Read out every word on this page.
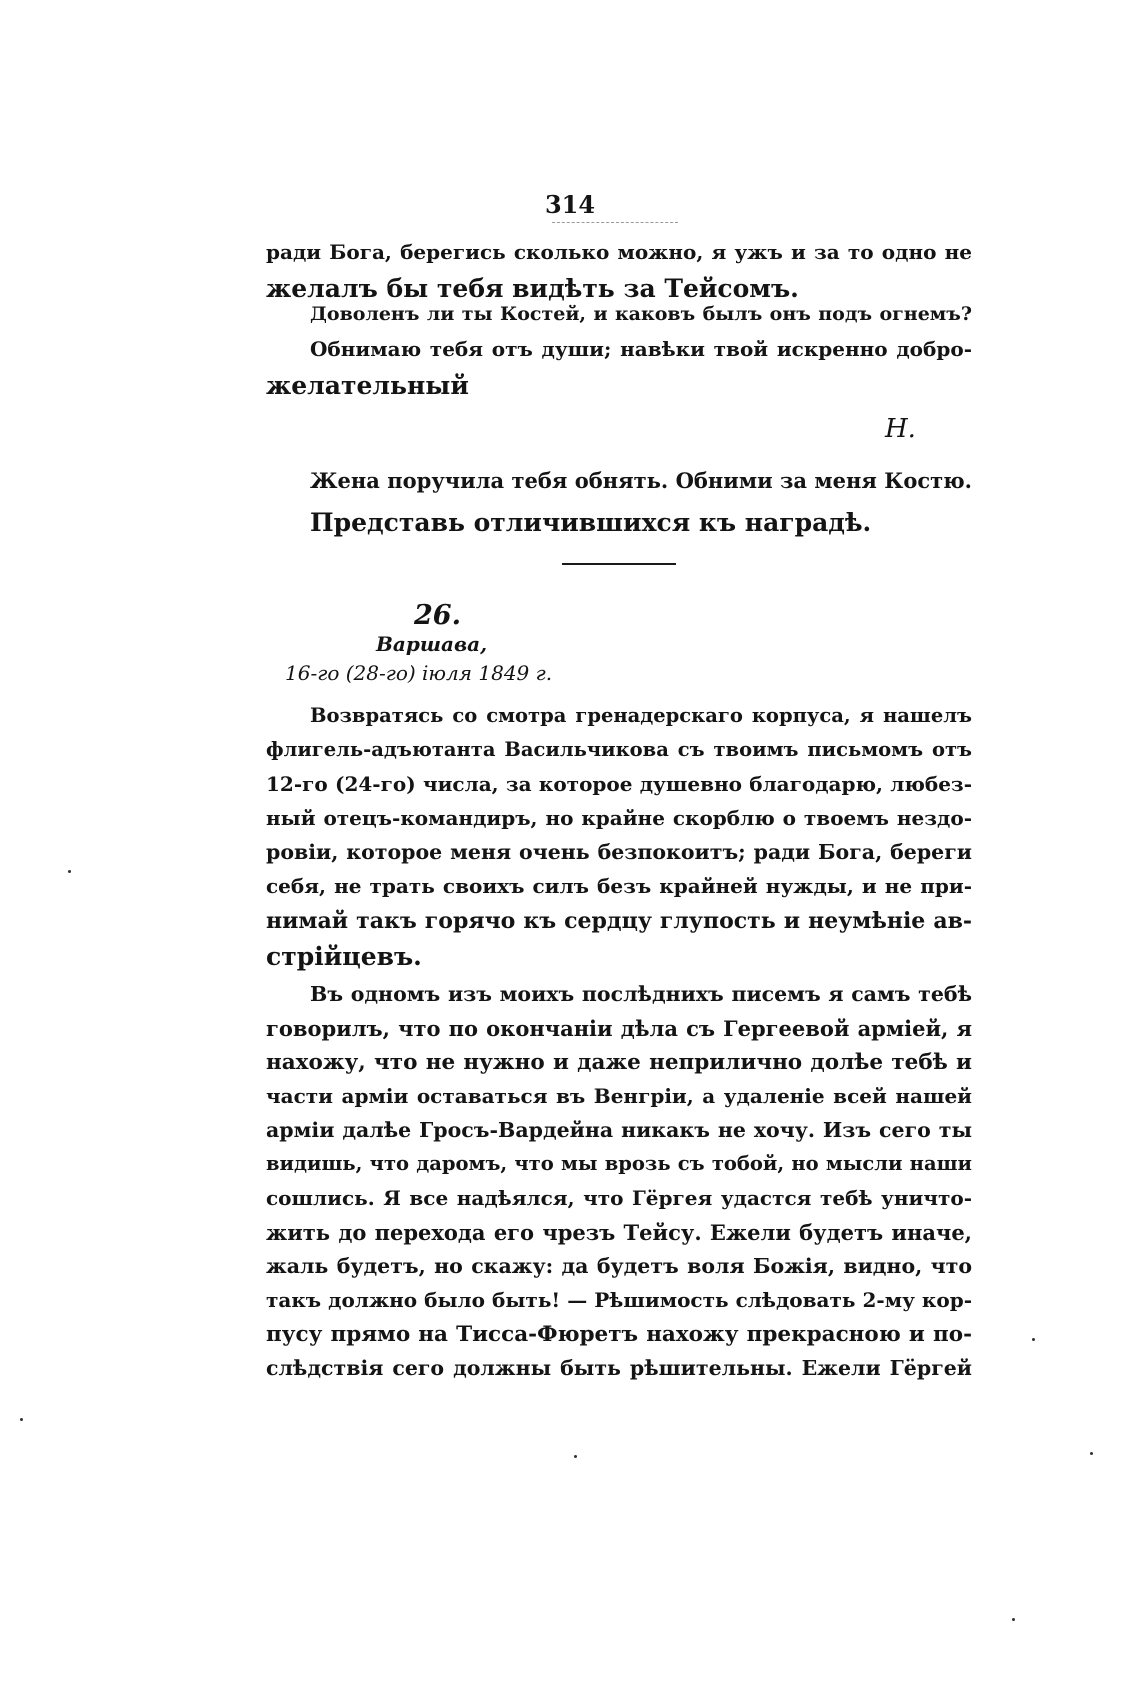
314
ради Бога, берегись сколько можно, я ужъ и за то одно не
желалъ бы тебя видѣть за Тейсомъ.
Доволенъ ли ты Костей, и каковъ былъ онъ подъ огнемъ?
Обнимаю тебя отъ души; навѣки твой искренно добро-
желательный
Н.
Жена поручила тебя обнять. Обними за меня Костю.
Представь отличившихся къ наградѣ.
26.
Варшава,
16-го (28-го) іюля 1849 г.
Возвратясь со смотра гренадерскаго корпуса, я нашелъ
флигель-адъютанта Васильчикова съ твоимъ письмомъ отъ
12-го (24-го) числа, за которое душевно благодарю, любез-
ный отецъ-командиръ, но крайне скорблю о твоемъ нездо-
ровіи, которое меня очень безпокоитъ; ради Бога, береги
себя, не трать своихъ силъ безъ крайней нужды, и не при-
нимай такъ горячо къ сердцу глупость и неумѣніе ав-
стрійцевъ.
Въ одномъ изъ моихъ послѣднихъ писемъ я самъ тебѣ
говорилъ, что по окончаніи дѣла съ Гергеевой арміей, я
нахожу, что не нужно и даже неприлично долѣе тебѣ и
части арміи оставаться въ Венгріи, а удаленіе всей нашей
арміи далѣе Гросъ-Вардейна никакъ не хочу. Изъ сего ты
видишь, что даромъ, что мы врозь съ тобой, но мысли наши
сошлись. Я все надѣялся, что Гёргея удастся тебѣ уничто-
жить до перехода его чрезъ Тейсу. Ежели будетъ иначе,
жаль будетъ, но скажу: да будетъ воля Божія, видно, что
такъ должно было быть! — Рѣшимость слѣдовать 2-му кор-
пусу прямо на Тисса-Фюретъ нахожу прекрасною и по-
слѣдствія сего должны быть рѣшительны. Ежели Гёргей
